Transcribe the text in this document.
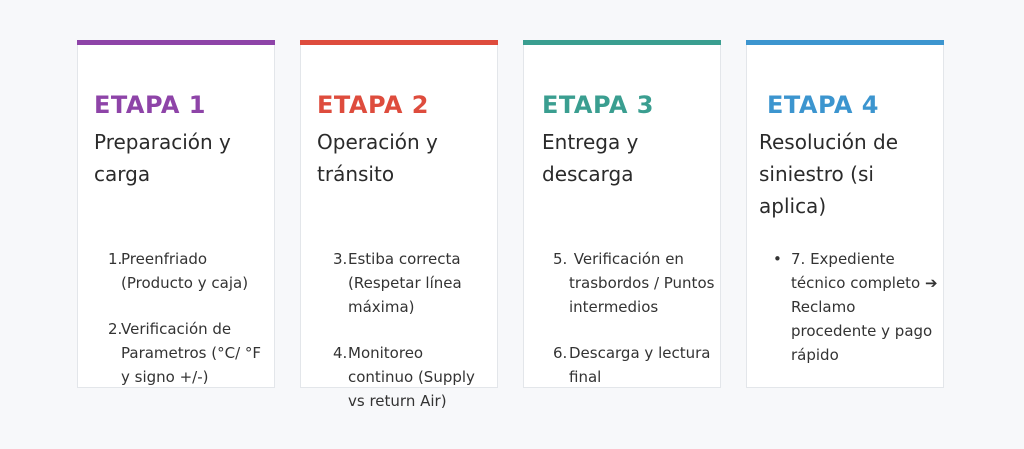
ETAPA 1
Preparación y carga
1.
Preenfriado (Producto y caja)
2.
Verificación de Parametros (°C/ °F y signo +/-)
ETAPA 2
Operación y tránsito
3. Estiba correcta (Respetar línea máxima)
4. Monitoreo continuo (Supply vs return Air)
ETAPA 3
Entrega y descarga
5. Verificación en trasbordos / Puntos intermedios
6. Descarga y lectura final
ETAPA 4
Resolución de siniestro (si aplica)
• 7. Expediente técnico completo ➔ Reclamo procedente y pago rápido
